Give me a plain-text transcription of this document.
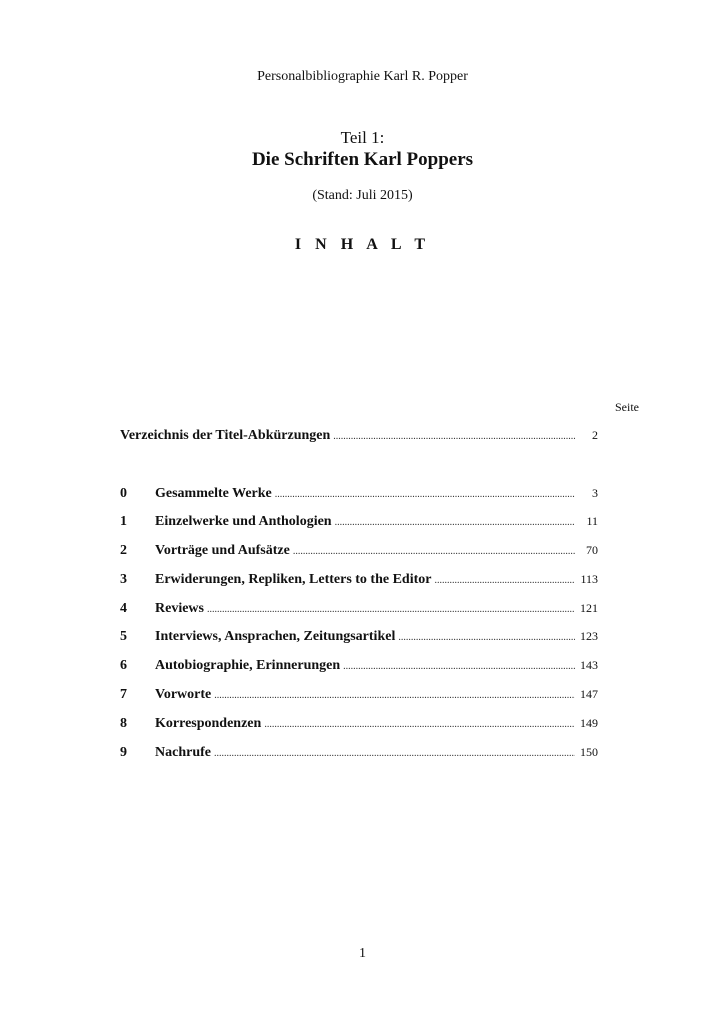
Personalbibliographie Karl R. Popper
Teil 1:
Die Schriften Karl Poppers
(Stand: Juli 2015)
I N H A L T
Seite
Verzeichnis der Titel-Abkürzungen .....	2
0	Gesammelte Werke .....	3
1	Einzelwerke und Anthologien .....	11
2	Vorträge und Aufsätze .....	70
3	Erwiderungen, Repliken, Letters to the Editor .....	113
4	Reviews .....	121
5	Interviews, Ansprachen, Zeitungsartikel .....	123
6	Autobiographie, Erinnerungen .....	143
7	Vorworte .....	147
8	Korrespondenzen .....	149
9	Nachrufe .....	150
1
